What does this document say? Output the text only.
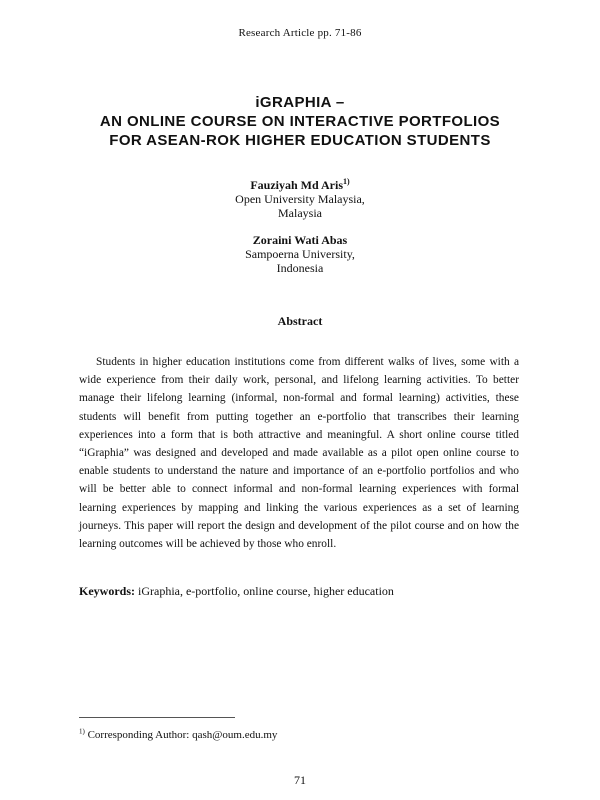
Research Article pp. 71-86
iGRAPHIA –
AN ONLINE COURSE ON INTERACTIVE PORTFOLIOS
FOR ASEAN-ROK HIGHER EDUCATION STUDENTS
Fauziyah Md Aris$^{1)}$
Open University Malaysia,
Malaysia
Zoraini Wati Abas
Sampoerna University,
Indonesia
Abstract

Students in higher education institutions come from different walks of lives, some with a wide experience from their daily work, personal, and lifelong learning activities. To better manage their lifelong learning (informal, non-formal and formal learning) activities, these students will benefit from putting together an e-portfolio that transcribes their learning experiences into a form that is both attractive and meaningful. A short online course titled “iGraphia” was designed and developed and made available as a pilot open online course to enable students to understand the nature and importance of an e-portfolio portfolios and who will be better able to connect informal and non-formal learning experiences with formal learning experiences by mapping and linking the various experiences as a set of learning journeys. This paper will report the design and development of the pilot course and on how the learning outcomes will be achieved by those who enroll.

Keywords: iGraphia, e-portfolio, online course, higher education
$^{1)}$ Corresponding Author: qash@oum.edu.my
71
